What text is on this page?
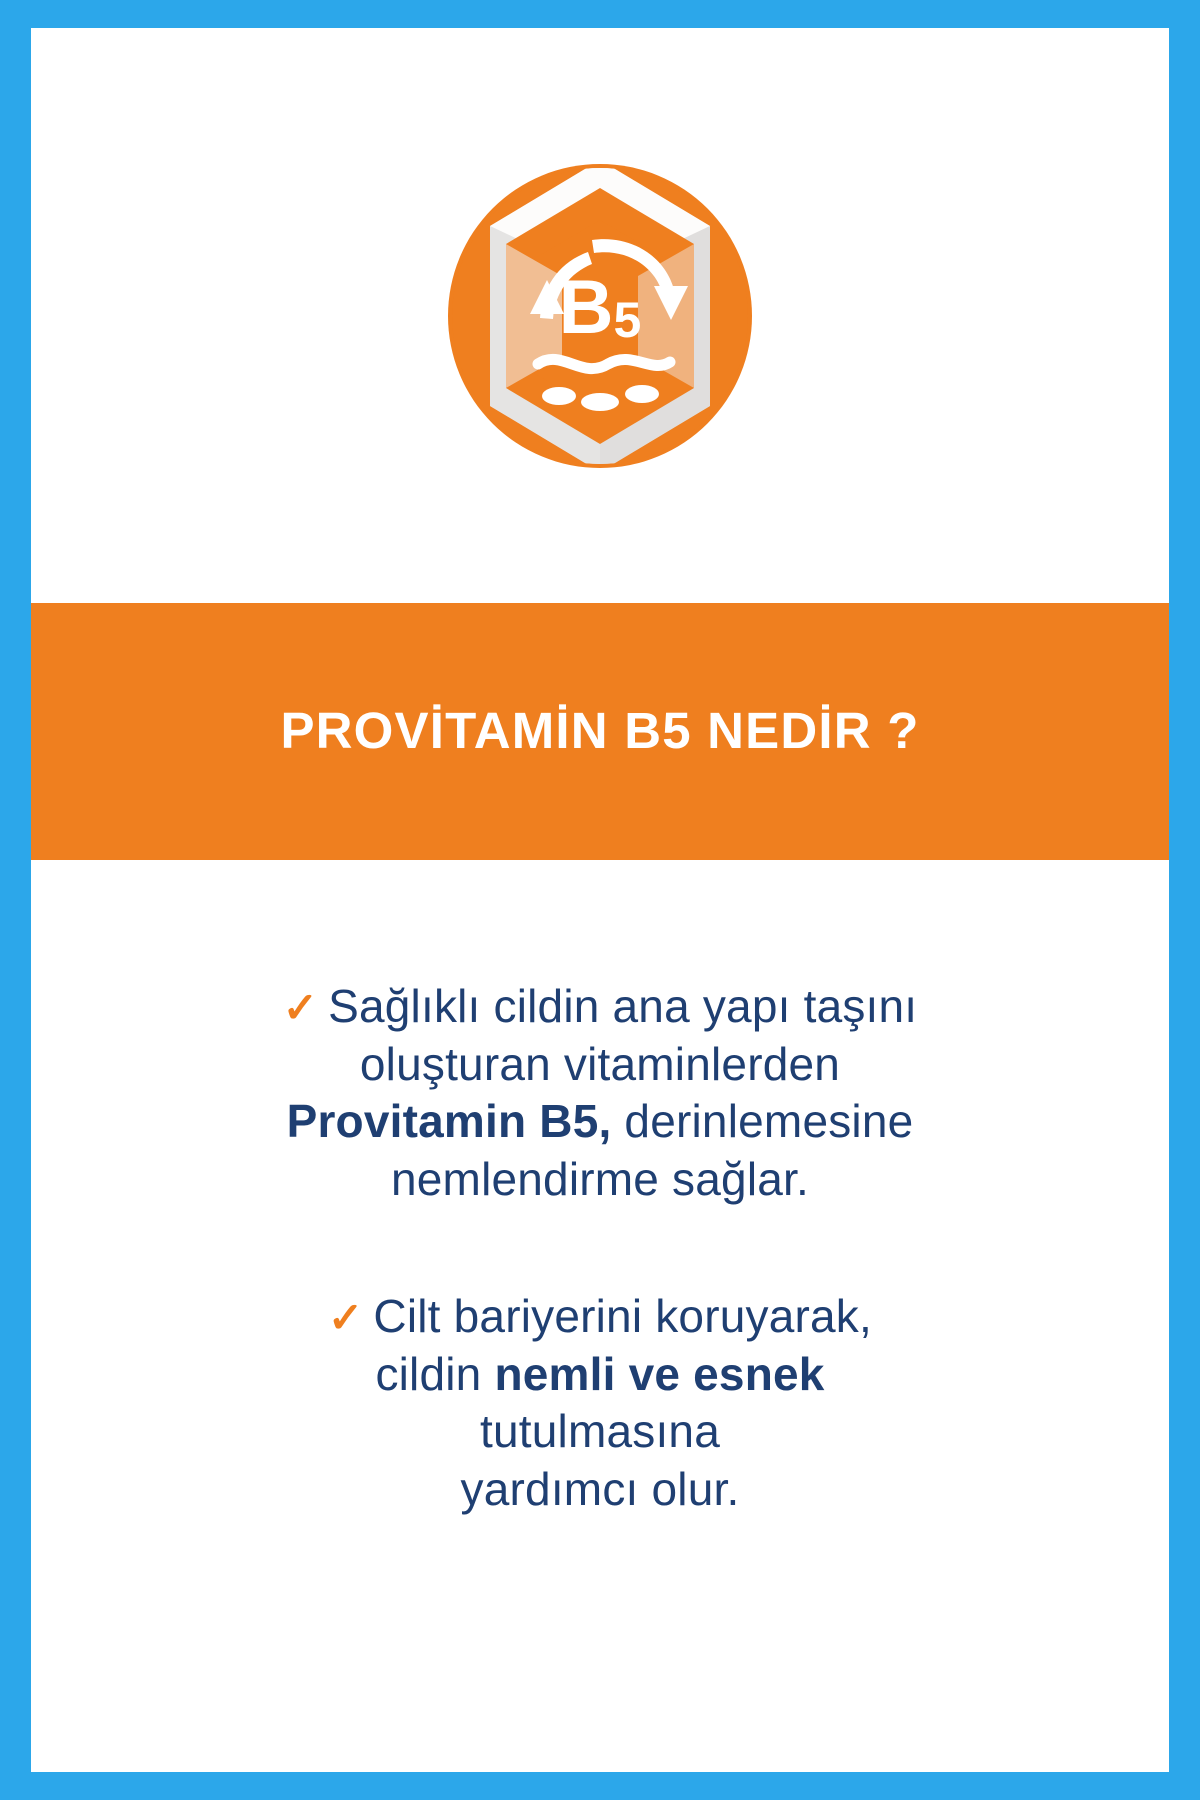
B5
PROVİTAMİN B5 NEDİR ?
✓ Sağlıklı cildin ana yapı taşını
oluşturan vitaminlerden
Provitamin B5, derinlemesine
nemlendirme sağlar.
✓ Cilt bariyerini koruyarak,
cildin nemli ve esnek
tutulmasına
yardımcı olur.
